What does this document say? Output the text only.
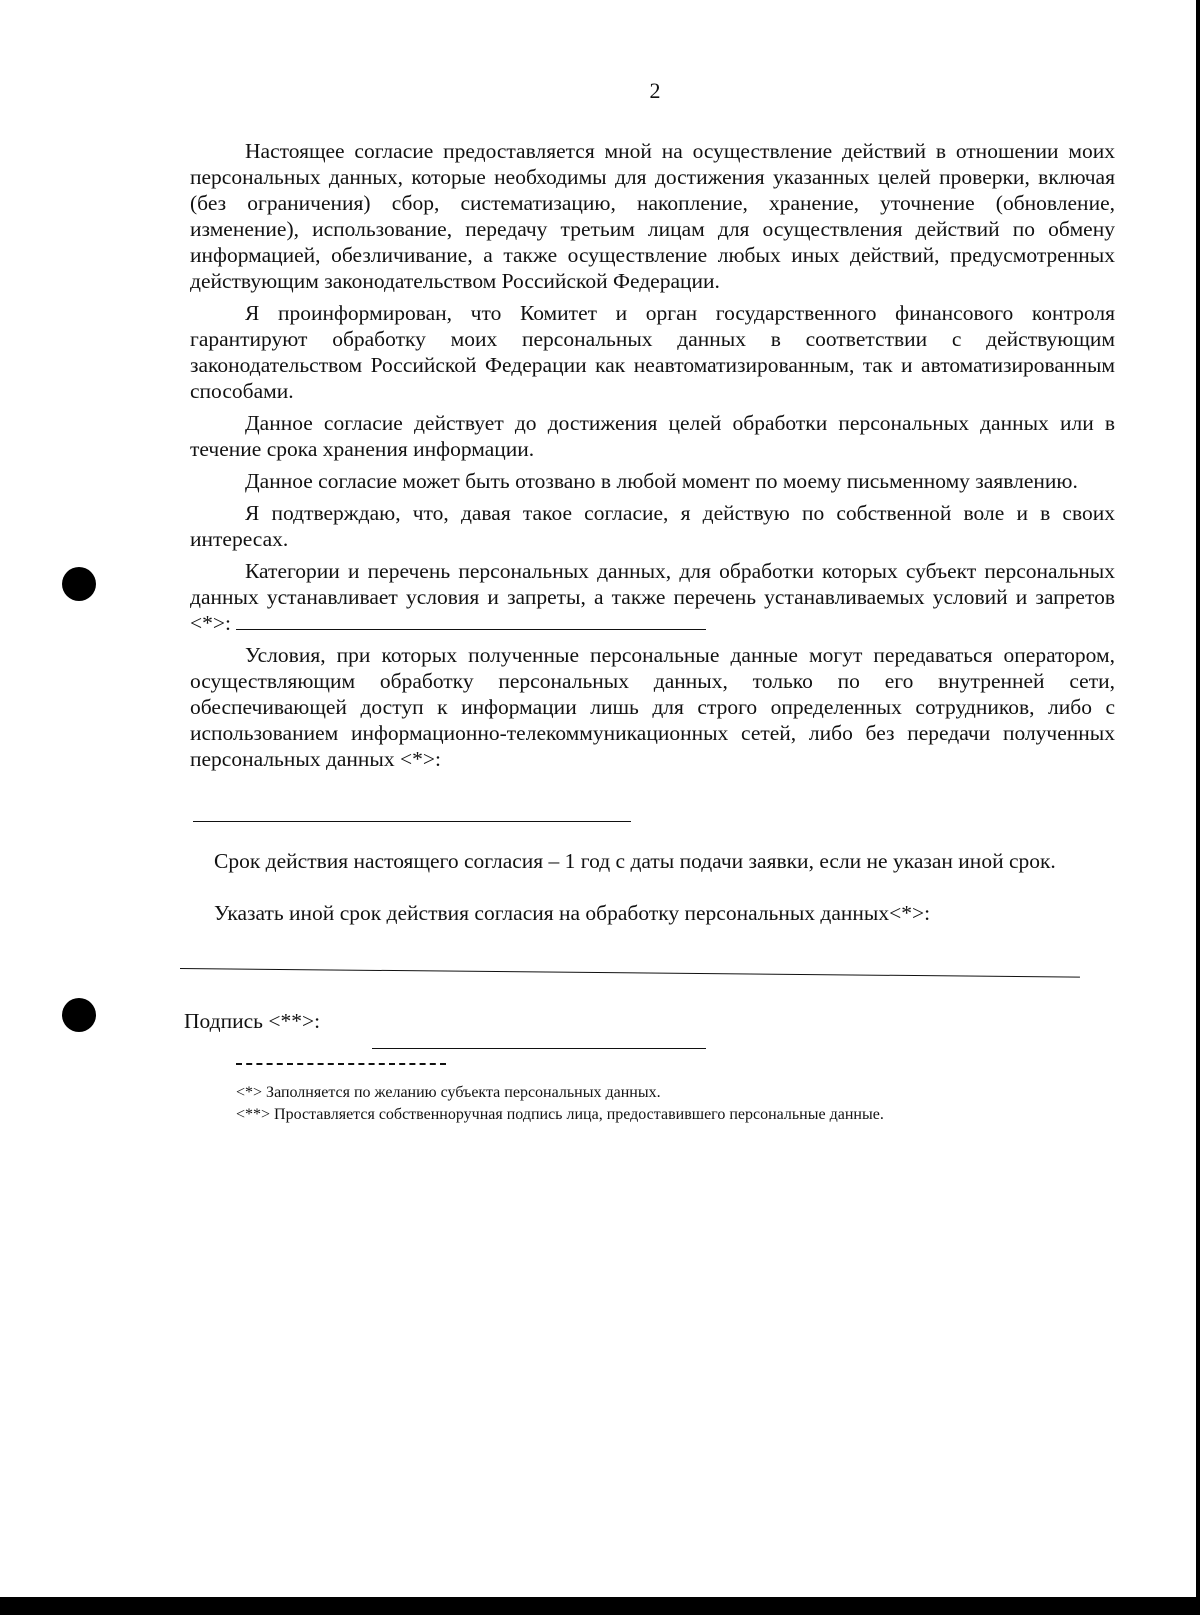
2

Настоящее согласие предоставляется мной на осуществление действий в отношении моих персональных данных, которые необходимы для достижения указанных целей проверки, включая (без ограничения) сбор, систематизацию, накопление, хранение, уточнение (обновление, изменение), использование, передачу третьим лицам для осуществления действий по обмену информацией, обезличивание, а также осуществление любых иных действий, предусмотренных действующим законодательством Российской Федерации.

Я проинформирован, что Комитет и орган государственного финансового контроля гарантируют обработку моих персональных данных в соответствии с действующим законодательством Российской Федерации как неавтоматизированным, так и автоматизированным способами.

Данное согласие действует до достижения целей обработки персональных данных или в течение срока хранения информации.

Данное согласие может быть отозвано в любой момент по моему письменному заявлению.

Я подтверждаю, что, давая такое согласие, я действую по собственной воле и в своих интересах.

Категории и перечень персональных данных, для обработки которых субъект персональных данных устанавливает условия и запреты, а также перечень устанавливаемых условий и запретов <*>:

Условия, при которых полученные персональные данные могут передаваться оператором, осуществляющим обработку персональных данных, только по его внутренней сети, обеспечивающей доступ к информации лишь для строго определенных сотрудников, либо с использованием информационно-телекоммуникационных сетей, либо без передачи полученных персональных данных <*>:

Срок действия настоящего согласия – 1 год с даты подачи заявки, если не указан иной срок.
Указать иной срок действия согласия на обработку персональных данных<*>:
Подпись <**>:
<*> Заполняется по желанию субъекта персональных данных.
<**> Проставляется собственноручная подпись лица, предоставившего персональные данные.
